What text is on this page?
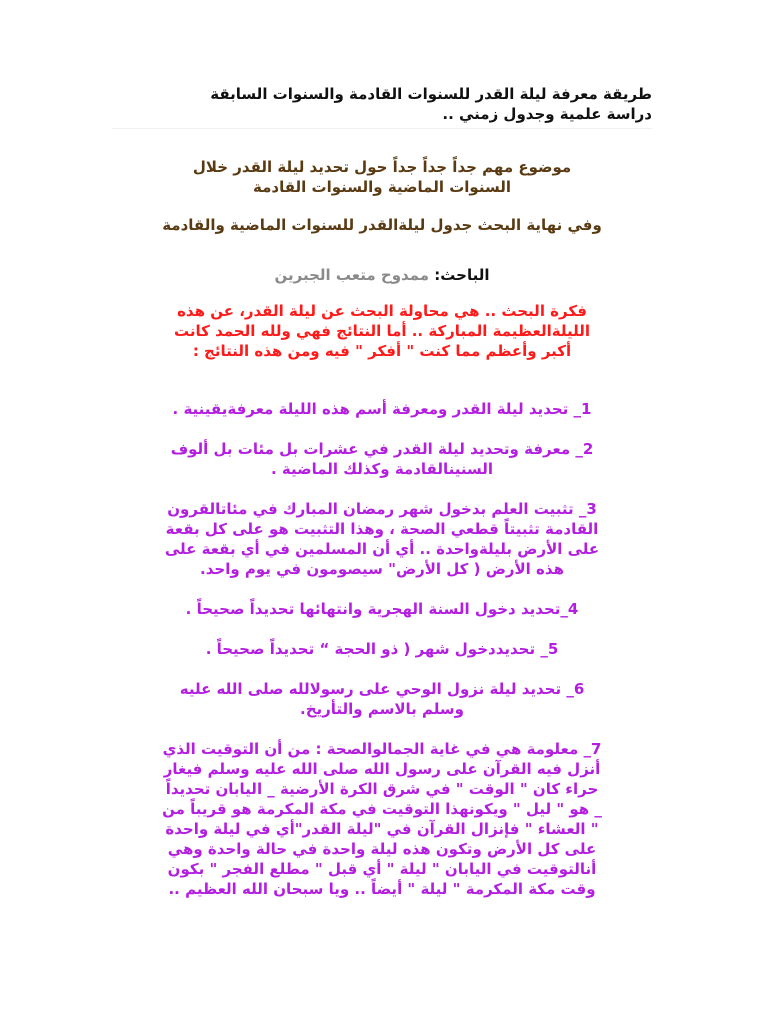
طريقة معرفة ليلة القدر للسنوات القادمة والسنوات السابقة
دراسة علمية وجدول زمني ..

موضوع مهم جداً جداً جداً حول تحديد ليلة القدر خلال

السنوات الماضية والسنوات القادمة

وفي نهاية البحث جدول ليلةالقدر للسنوات الماضية والقادمة

الباحث: ممدوح متعب الجبرين
فكرة البحث .. هي محاولة البحث عن ليلة القدر، عن هذه
الليلةالعظيمة المباركة .. أما النتائج فهي ولله الحمد كانت
أكبر وأعظم مما كنت " أفكر " فيه ومن هذه النتائج :

1_ تحديد ليلة القدر ومعرفة أسم هذه الليلة معرفةيقينية .

2_ معرفة وتحديد ليلة القدر في عشرات بل مئات بل ألوف
السنينالقادمة وكذلك الماضية .

3_ تثبيت العلم بدخول شهر رمضان المبارك في مئاتالقرون
القادمة تثبيتاً قطعي الصحة ، وهذا التثبيت هو على كل بقعة
على الأرض بليلةواحدة .. أي أن المسلمين في أي بقعة على
هذه الأرض ( كل الأرض" سيصومون في يوم واحد.

4_تحديد دخول السنة الهجرية وانتهائها تحديداً صحيحاً .

5_ تحديددخول شهر ( ذو الحجة “ تحديداً صحيحاً .

6_ تحديد ليلة نزول الوحي على رسولالله صلى الله عليه
وسلم بالاسم والتأريخ.

7_ معلومة هي في غاية الجمالوالصحة : من أن التوقيت الذي
أنزل فيه القرآن على رسول الله صلى الله عليه وسلم فيغار
حراء كان " الوقت " في شرق الكرة الأرضية _ اليابان تحديداً
_ هو " ليل " ويكونهذا التوقيت في مكة المكرمة هو قريباً من
" العشاء " فإنزال القرآن في "ليلة القدر"أي في ليلة واحدة
على كل الأرض وتكون هذه ليلة واحدة في حالة واحدة وهي
أنالتوقيت في اليابان " ليلة " أي قبل " مطلع الفجر " بكون
وقت مكة المكرمة " ليلة " أيضاً .. ويا سبحان الله العظيم ..
